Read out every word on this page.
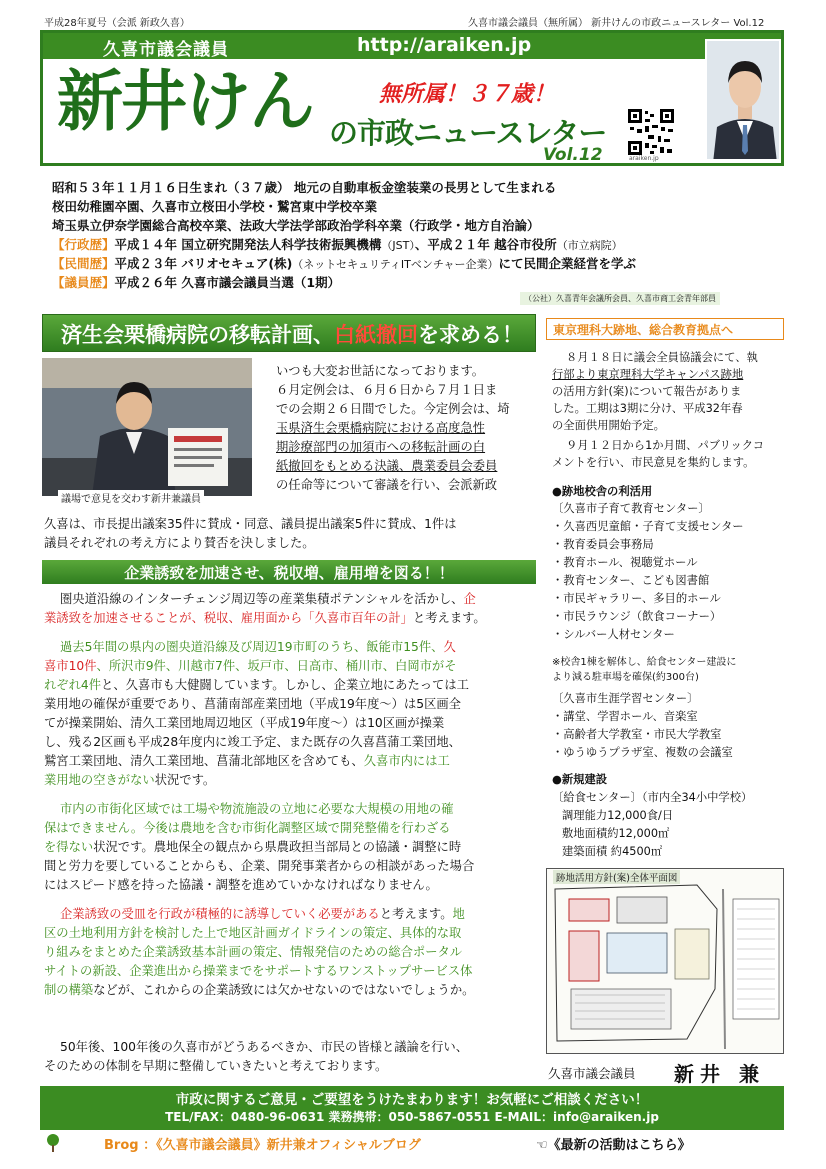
平成28年夏号（会派 新政久喜）	久喜市議会議員（無所属） 新井けんの市政ニュースレター Vol.12
久喜市議会議員	http://araiken.jp
新井けん	無所属！３７歳！
の市政ニュースレター
Vol.12	araiken.jp
昭和５３年１１月１６日生まれ（３７歳） 地元の自動車板金塗装業の長男として生まれる
桜田幼稚園卒園、久喜市立桜田小学校・鷲宮東中学校卒業
埼玉県立伊奈学園総合高校卒業、法政大学法学部政治学科卒業（行政学・地方自治論）
【行政歴】平成１４年 国立研究開発法人科学技術振興機構（JST）、平成２１年 越谷市役所（市立病院）
【民間歴】平成２３年 バリオセキュア(株)（ネットセキュリティITベンチャー企業）にて民間企業経営を学ぶ
【議員歴】平成２６年 久喜市議会議員当選（1期）
（公社）久喜青年会議所会員、久喜市商工会青年部員
済生会栗橋病院の移転計画、白紙撤回を求める！
議場で意見を交わす新井兼議員
いつも大変お世話になっております。
６月定例会は、６月６日から７月１日ま
での会期２６日間でした。今定例会は、埼
玉県済生会栗橋病院における高度急性
期診療部門の加須市への移転計画の白
紙撤回をもとめる決議、農業委員会委員
の任命等について審議を行い、会派新政
久喜は、市長提出議案35件に賛成・同意、議員提出議案5件に賛成、1件は
議員それぞれの考え方により賛否を決しました。
企業誘致を加速させ、税収増、雇用増を図る！！
圏央道沿線のインターチェンジ周辺等の産業集積ポテンシャルを活かし、企
業誘致を加速させることが、税収、雇用面から「久喜市百年の計」と考えます。
過去5年間の県内の圏央道沿線及び周辺19市町のうち、飯能市15件、久
喜市10件、所沢市9件、川越市7件、坂戸市、日高市、桶川市、白岡市がそ
れぞれ4件と、久喜市も大健闘しています。しかし、企業立地にあたっては工
業用地の確保が重要であり、菖蒲南部産業団地（平成19年度～）は5区画全
てが操業開始、清久工業団地周辺地区（平成19年度～）は10区画が操業
し、残る2区画も平成28年度内に竣工予定、また既存の久喜菖蒲工業団地、
鷲宮工業団地、清久工業団地、菖蒲北部地区を含めても、久喜市内には工
業用地の空きがない状況です。
市内の市街化区域では工場や物流施設の立地に必要な大規模の用地の確
保はできません。今後は農地を含む市街化調整区域で開発整備を行わざる
を得ない状況です。農地保全の観点から県農政担当部局との協議・調整に時
間と労力を要していることからも、企業、開発事業者からの相談があった場合
にはスピード感を持った協議・調整を進めていかなければなりません。
企業誘致の受皿を行政が積極的に誘導していく必要があると考えます。地
区の土地利用方針を検討した上で地区計画ガイドラインの策定、具体的な取
り組みをまとめた企業誘致基本計画の策定、情報発信のための総合ポータル
サイトの新設、企業進出から操業までをサポートするワンストップサービス体
制の構築などが、これからの企業誘致には欠かせないのではないでしょうか。
50年後、100年後の久喜市がどうあるべきか、市民の皆様と議論を行い、
そのための体制を早期に整備していきたいと考えております。
東京理科大跡地、総合教育拠点へ
８月１８日に議会全員協議会にて、執
行部より東京理科大学キャンパス跡地
の活用方針(案)について報告がありま
した。工期は3期に分け、平成32年春
の全面供用開始予定。
９月１２日から1か月間、パブリックコ
メントを行い、市民意見を集約します。
●跡地校舎の利活用
〔久喜市子育て教育センター〕
・久喜西児童館・子育て支援センター
・教育委員会事務局
・教育ホール、視聴覚ホール
・教育センター、こども図書館
・市民ギャラリー、多目的ホール
・市民ラウンジ（飲食コーナー）
・シルバー人材センター
※校舎1棟を解体し、給食センター建設に
より減る駐車場を確保(約300台)
〔久喜市生涯学習センター〕
・講堂、学習ホール、音楽室
・高齢者大学教室・市民大学教室
・ゆうゆうプラザ室、複数の会議室
●新規建設
〔給食センター〕（市内全34小中学校）
調理能力12,000食/日
敷地面積約12,000㎡
建築面積 約4500㎡
跡地活用方針(案)全体平面図
久喜市議会議員 新井 兼
市政に関するご意見・ご要望をうけたまわります！お気軽にご相談ください！
TEL/FAX：0480-96-0631 業務携帯：050-5867-0551 E-MAIL：info@araiken.jp
Brog ：《久喜市議会議員》新井兼オフィシャルブログ	☜《最新の活動はこちら》
